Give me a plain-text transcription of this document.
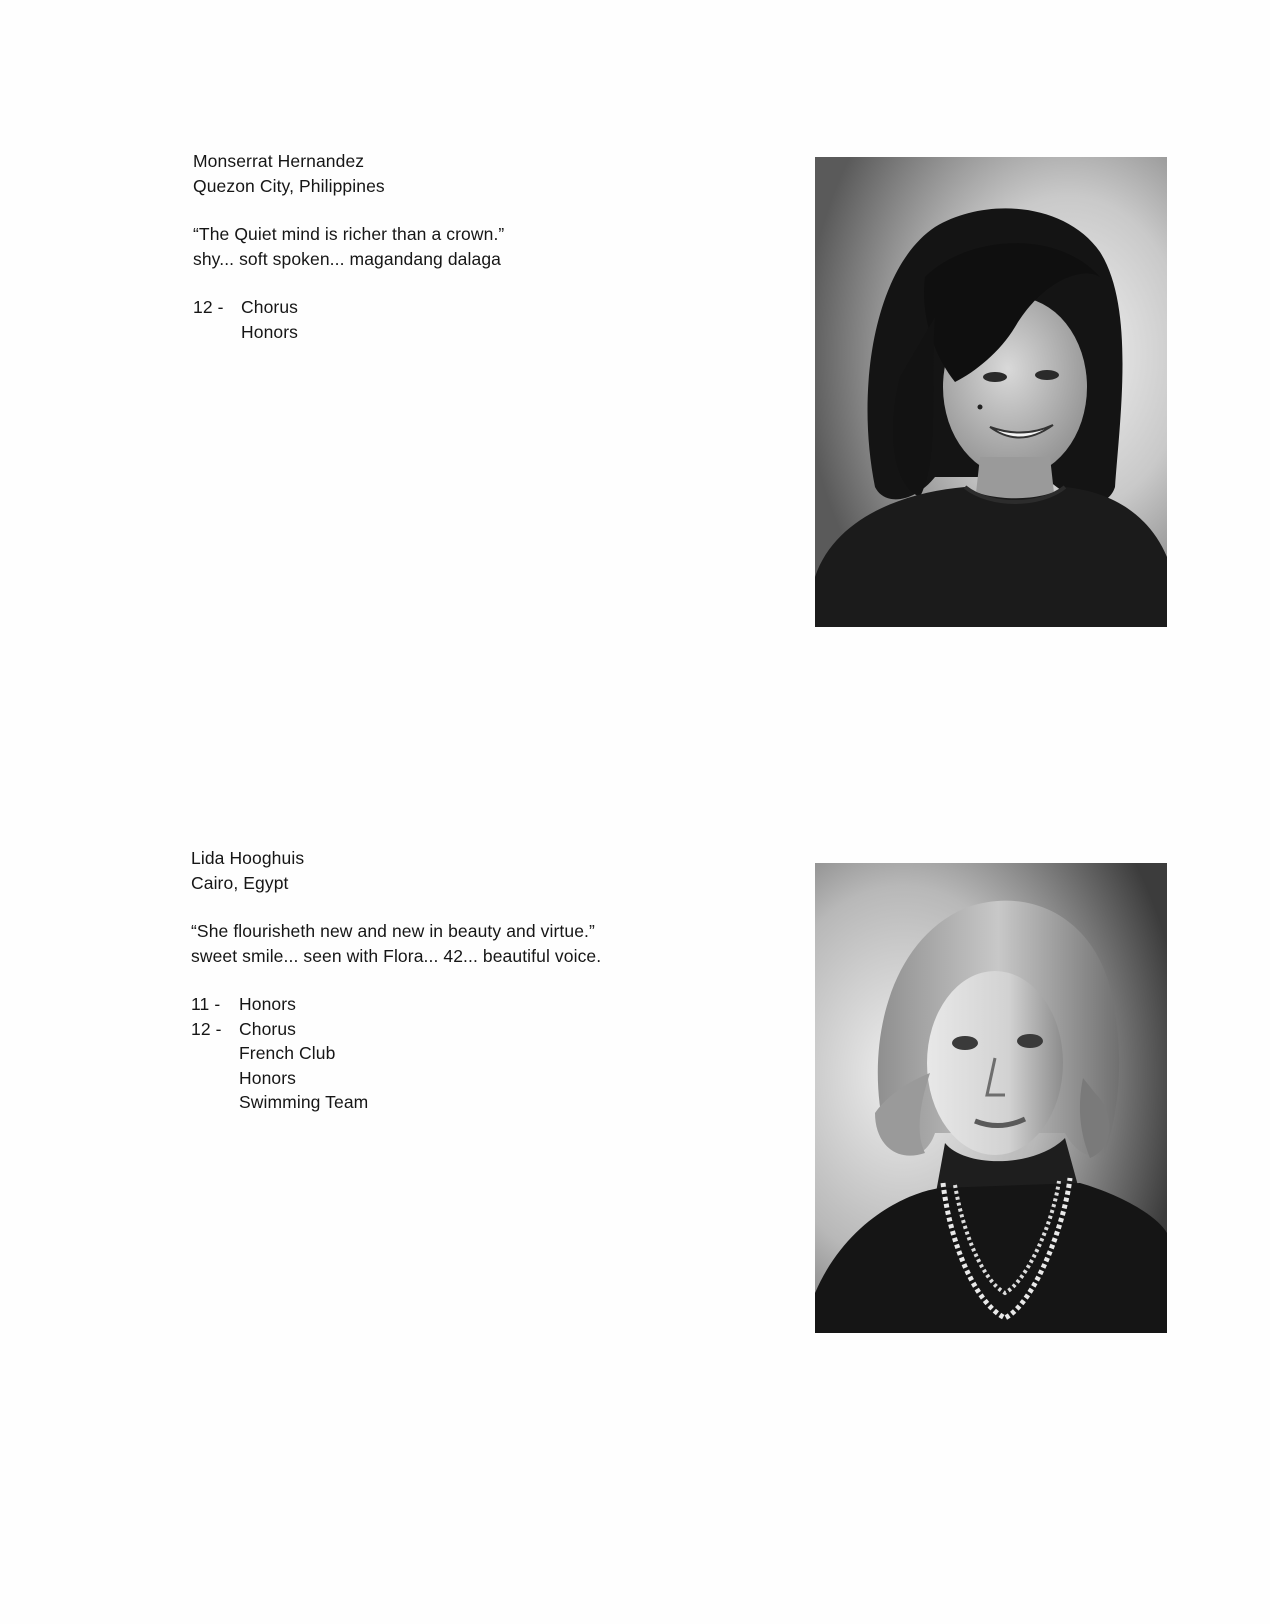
Monserrat Hernandez
Quezon City, Philippines
“The Quiet mind is richer than a crown.”
shy... soft spoken... magandang dalaga
12 - Chorus
Honors
Lida Hooghuis
Cairo, Egypt
“She flourisheth new and new in beauty and virtue.”
sweet smile... seen with Flora... 42... beautiful voice.
11 -	Honors
12 - Chorus
French Club
Honors
Swimming Team
